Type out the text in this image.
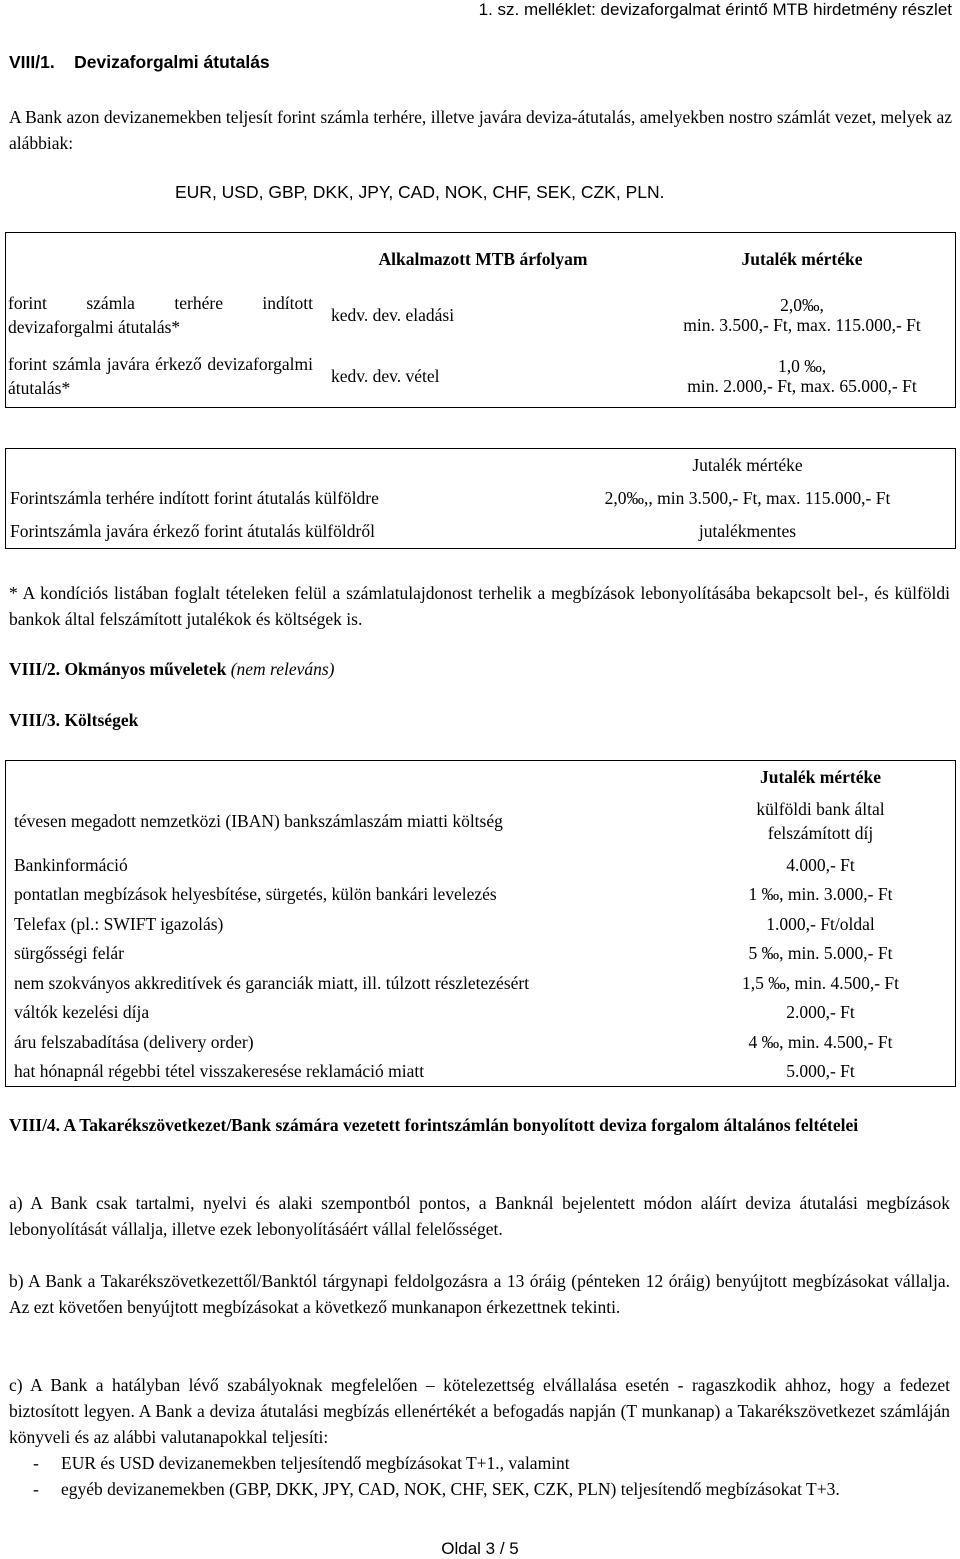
1. sz. melléklet: devizaforgalmat érintő MTB hirdetmény részlet
VIII/1. Devizaforgalmi átutalás

A Bank azon devizanemekben teljesít forint számla terhére, illetve javára deviza-átutalás, amelyekben nostro számlát vezet, melyek az alábbiak:

EUR, USD, GBP, DKK, JPY, CAD, NOK, CHF, SEK, CZK, PLN.
	Alkalmazott MTB árfolyam	Jutalék mértéke
forint számla terhére indított devizaforgalmi átutalás*	kedv. dev. eladási	2,0‰,
min. 3.500,- Ft, max. 115.000,- Ft

forint számla javára érkező devizaforgalmi átutalás*	kedv. dev. vétel	1,0 ‰,
min. 2.000,- Ft, max. 65.000,- Ft
	Jutalék mértéke
Forintszámla terhére indított forint átutalás külföldre	2,0‰,, min 3.500,- Ft, max. 115.000,- Ft
Forintszámla javára érkező forint átutalás külföldről	jutalékmentes

* A kondíciós listában foglalt tételeken felül a számlatulajdonost terhelik a megbízások lebonyolításába bekapcsolt bel-, és külföldi bankok által felszámított jutalékok és költségek is.

VIII/2. Okmányos műveletek (nem releváns)
VIII/3. Költségek
	Jutalék mértéke
tévesen megadott nemzetközi (IBAN) bankszámlaszám miatti költség	külföldi bank által felszámított díj
Bankinformáció	4.000,- Ft
pontatlan megbízások helyesbítése, sürgetés, külön bankári levelezés	1 ‰, min. 3.000,- Ft
Telefax (pl.: SWIFT igazolás)	1.000,- Ft/oldal
sürgősségi felár	5 ‰, min. 5.000,- Ft
nem szokványos akkreditívek és garanciák miatt, ill. túlzott részletezésért	1,5 ‰, min. 4.500,- Ft
váltók kezelési díja	2.000,- Ft
áru felszabadítása (delivery order)	4 ‰, min. 4.500,- Ft
hat hónapnál régebbi tétel visszakeresése reklamáció miatt	5.000,- Ft

VIII/4. A Takarékszövetkezet/Bank számára vezetett forintszámlán bonyolított deviza forgalom általános feltételei

a) A Bank csak tartalmi, nyelvi és alaki szempontból pontos, a Banknál bejelentett módon aláírt deviza átutalási megbízások lebonyolítását vállalja, illetve ezek lebonyolításáért vállal felelősséget.

b) A Bank a Takarékszövetkezettől/Banktól tárgynapi feldolgozásra a 13 óráig (pénteken 12 óráig) benyújtott megbízásokat vállalja. Az ezt követően benyújtott megbízásokat a következő munkanapon érkezettnek tekinti.

c) A Bank a hatályban lévő szabályoknak megfelelően – kötelezettség elvállalása esetén - ragaszkodik ahhoz, hogy a fedezet biztosított legyen. A Bank a deviza átutalási megbízás ellenértékét a befogadás napján (T munkanap) a Takarékszövetkezet számláján könyveli és az alábbi valutanapokkal teljesíti:

-	EUR és USD devizanemekben teljesítendő megbízásokat T+1., valamint
-	egyéb devizanemekben (GBP, DKK, JPY, CAD, NOK, CHF, SEK, CZK, PLN) teljesítendő megbízásokat T+3.
Oldal 3 / 5
